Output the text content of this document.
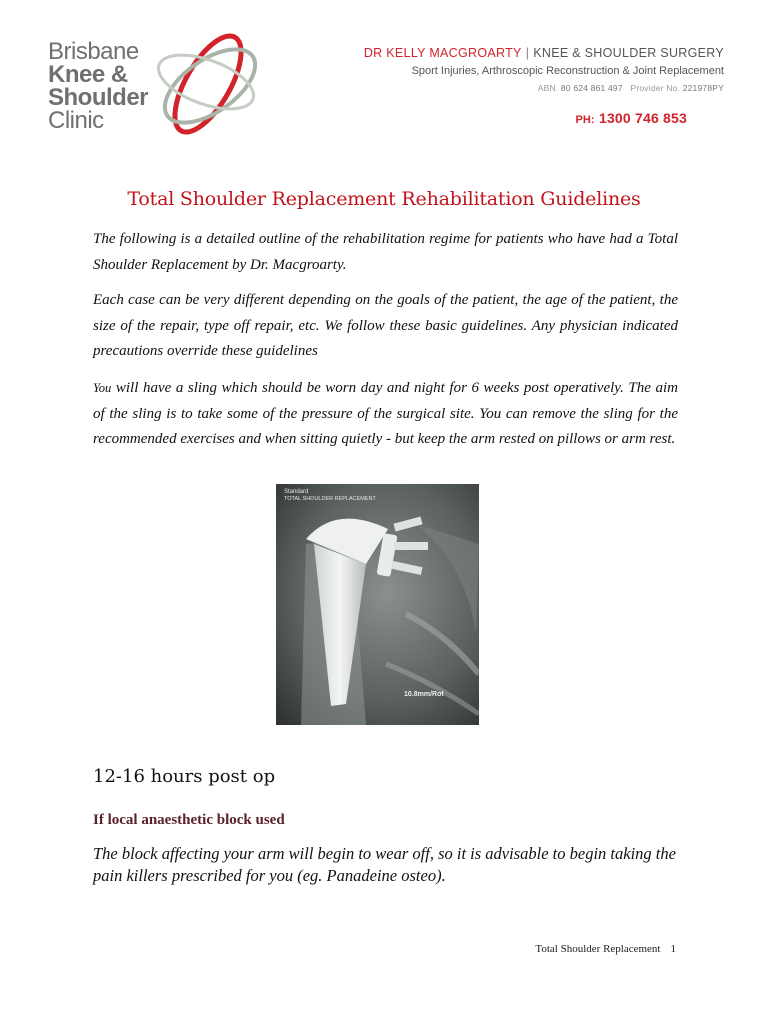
Brisbane
Knee &
Shoulder
Clinic
DR KELLY MACGROARTY | KNEE & SHOULDER SURGERY
Sport Injuries, Arthroscopic Reconstruction & Joint Replacement
ABN. 80 624 861 497 Provider No. 221978PY
PH: 1300 746 853
Total Shoulder Replacement Rehabilitation Guidelines

The following is a detailed outline of the rehabilitation regime for patients who have had a Total Shoulder Replacement by Dr. Macgroarty.

Each case can be very different depending on the goals of the patient, the age of the patient, the size of the repair, type off repair, etc. We follow these basic guidelines. Any physician indicated precautions override these guidelines

You will have a sling which should be worn day and night for 6 weeks post operatively. The aim of the sling is to take some of the pressure of the surgical site. You can remove the sling for the recommended exercises and when sitting quietly - but keep the arm rested on pillows or arm rest.

Standard
TOTAL SHOULDER REPLACEMENT
10.8mm/Rot
12-16 hours post op
If local anaesthetic block used

The block affecting your arm will begin to wear off, so it is advisable to begin taking the pain killers prescribed for you (eg. Panadeine osteo).

Total Shoulder Replacement 1
